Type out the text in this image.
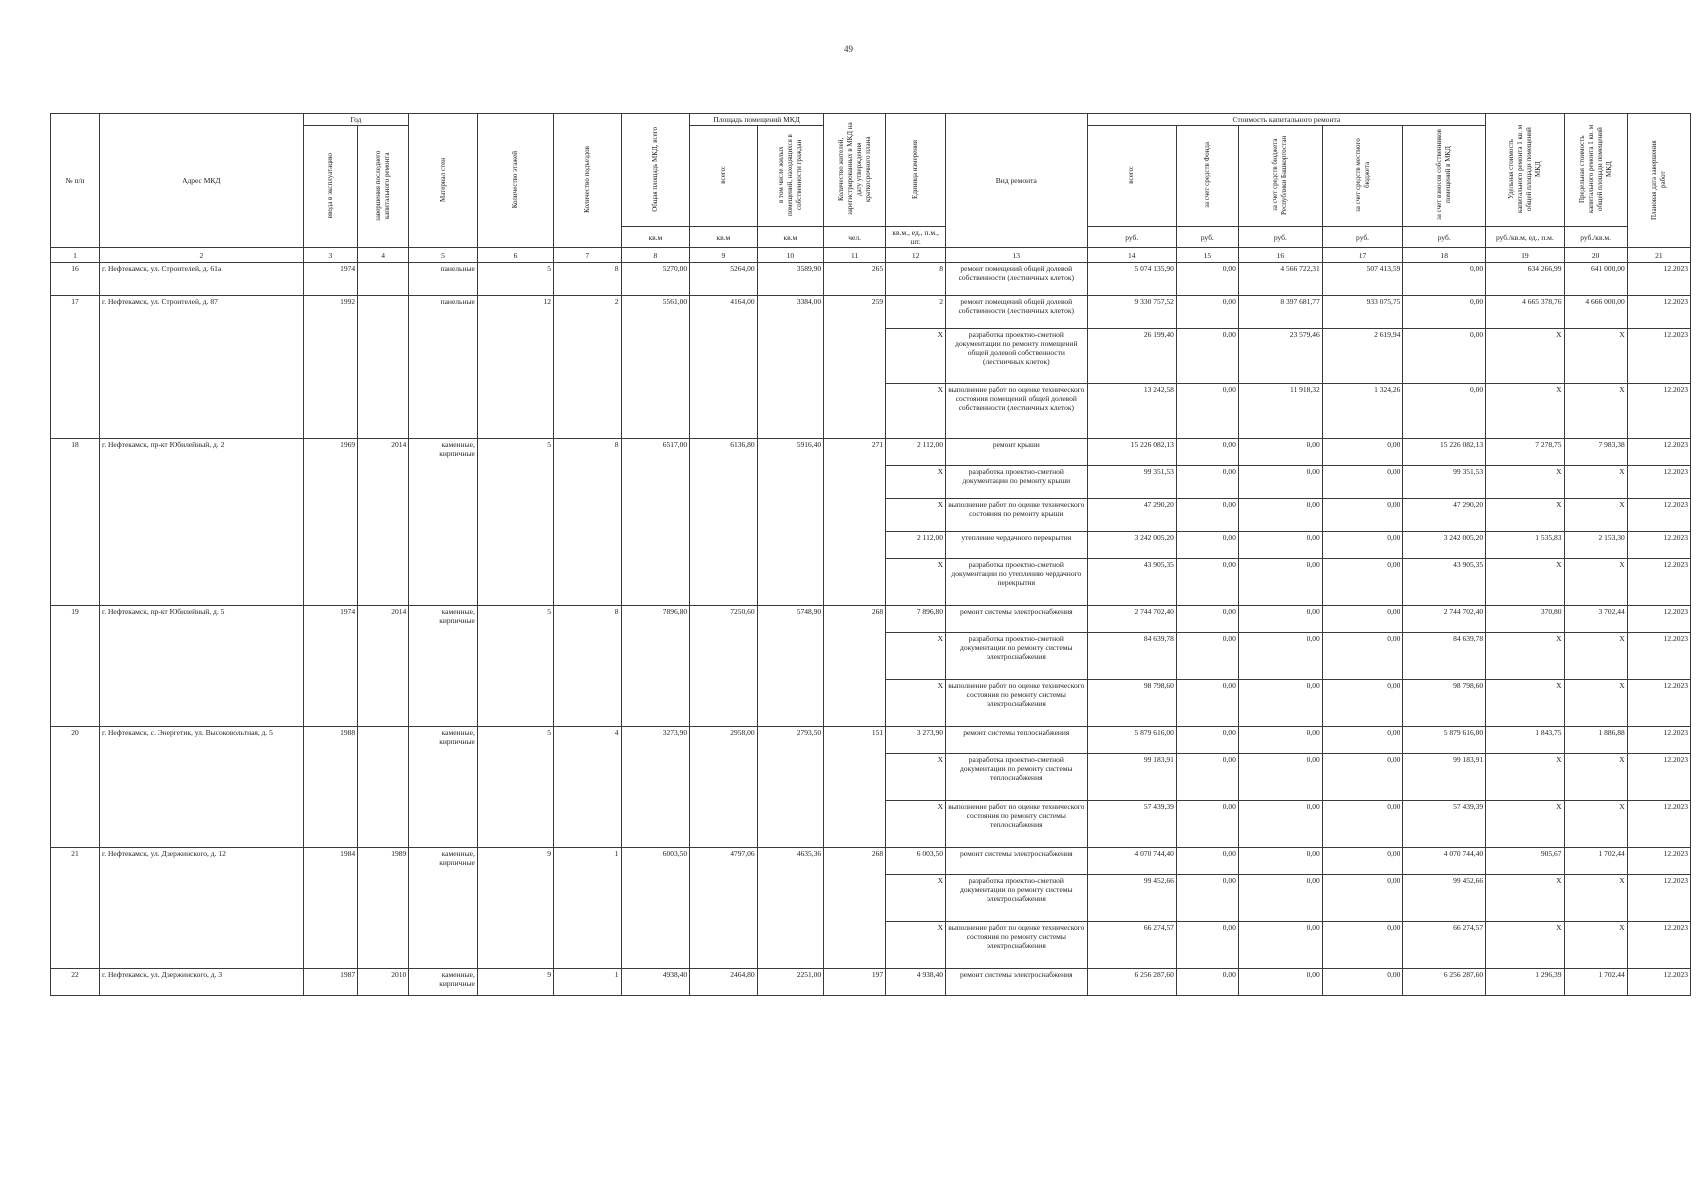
49
№ п/п	Адрес МКД	Год		Материал стен	Количество этажей	Количество подъездов	Общая площадь МКД, всего	Площадь помещений МКД		Количество жителей, зарегистрированных в МКД на дату утверждения краткосрочного плана	Единица измерения	Вид ремонта	Стоимость капитального ремонта					Удельная стоимость капитального ремонта 1 кв. м общей площади помещений МКД	Предельная стоимость капитального ремонта 1 кв. м общей площади помещений МКД	Плановая дата завершения работ
		ввода в эксплуатацию	завершения последнего капитального ремонта					всего:	в том числе жилых помещений, находящихся в собственности граждан				всего:	за счет средств Фонда	за счет средств бюджета Республики Башкортостан	за счет средств местного бюджета	за счет взносов собственников помещений в МКД			
							кв.м	кв.м	кв.м	чел.	кв.м., ед., п.м., шт.		руб.	руб.	руб.	руб.	руб.	руб./кв.м, ед., п.м.	руб./кв.м.	
1	2	3	4	5	6	7	8	9	10	11	12	13	14	15	16	17	18	19	20	21
16	г. Нефтекамск, ул. Строителей, д. 61а	1974		панельные	5	8	5270,00	5264,00	3589,90	265	8	ремонт помещений общей долевой собственности (лестничных клеток)	5 074 135,90	0,00	4 566 722,31	507 413,59	0,00	634 266,99	641 000,00	12.2023
17	г. Нефтекамск, ул. Строителей, д. 87	1992		панельные	12	2	5561,00	4164,00	3384,00	259	2	ремонт помещений общей долевой собственности (лестничных клеток)	9 330 757,52	0,00	8 397 681,77	933 075,75	0,00	4 665 378,76	4 666 000,00	12.2023
											X	разработка проектно-сметной документации по ремонту помещений общей долевой собственности (лестничных клеток)	26 199,40	0,00	23 579,46	2 619,94	0,00	X	X	12.2023
											X	выполнение работ по оценке технического состояния помещений общей долевой собственности (лестничных клеток)	13 242,58	0,00	11 918,32	1 324,26	0,00	X	X	12.2023
18	г. Нефтекамск, пр-кт Юбилейный, д. 2	1969	2014	каменные, кирпичные	5	8	6517,00	6136,80	5916,40	271	2 112,00	ремонт крыши	15 226 082,13	0,00	0,00	0,00	15 226 082,13	7 278,75	7 983,38	12.2023
											X	разработка проектно-сметной документации по ремонту крыши	99 351,53	0,00	0,00	0,00	99 351,53	X	X	12.2023
											X	выполнение работ по оценке технического состояния по ремонту крыши	47 290,20	0,00	0,00	0,00	47 290,20	X	X	12.2023
											2 112,00	утепление чердачного перекрытия	3 242 005,20	0,00	0,00	0,00	3 242 005,20	1 535,83	2 153,30	12.2023
											X	разработка проектно-сметной документации по утеплению чердачного перекрытия	43 905,35	0,00	0,00	0,00	43 905,35	X	X	12.2023
19	г. Нефтекамск, пр-кт Юбилейный, д. 5	1974	2014	каменные, кирпичные	5	8	7896,80	7250,60	5748,90	268	7 896,80	ремонт системы электроснабжения	2 744 702,40	0,00	0,00	0,00	2 744 702,40	370,80	3 702,44	12.2023
											X	разработка проектно-сметной документации по ремонту системы электроснабжения	84 639,78	0,00	0,00	0,00	84 639,78	X	X	12.2023
											X	выполнение работ по оценке технического состояния по ремонту системы электроснабжения	98 798,60	0,00	0,00	0,00	98 798,60	X	X	12.2023
20	г. Нефтекамск, с. Энергетик, ул. Высоковольтная, д. 5	1988		каменные, кирпичные	5	4	3273,90	2958,00	2793,50	151	3 273,90	ремонт системы теплоснабжения	5 879 616,00	0,00	0,00	0,00	5 879 616,00	1 843,75	1 886,88	12.2023
											X	разработка проектно-сметной документации по ремонту системы теплоснабжения	99 183,91	0,00	0,00	0,00	99 183,91	X	X	12.2023
											X	выполнение работ по оценке технического состояния по ремонту системы теплоснабжения	57 439,39	0,00	0,00	0,00	57 439,39	X	X	12.2023
21	г. Нефтекамск, ул. Дзержинского, д. 12	1984	1989	каменные, кирпичные	9	1	6003,50	4797,06	4635,36	268	6 003,50	ремонт системы электроснабжения	4 070 744,40	0,00	0,00	0,00	4 070 744,40	905,67	1 702,44	12.2023
											X	разработка проектно-сметной документации по ремонту системы электроснабжения	99 452,66	0,00	0,00	0,00	99 452,66	X	X	12.2023
											X	выполнение работ по оценке технического состояния по ремонту системы электроснабжения	66 274,57	0,00	0,00	0,00	66 274,57	X	X	12.2023
22	г. Нефтекамск, ул. Дзержинского, д. 3	1987	2010	каменные, кирпичные	9	1	4938,40	2464,80	2251,00	197	4 938,40	ремонт системы электроснабжения	6 256 287,60	0,00	0,00	0,00	6 256 287,60	1 296,39	1 702,44	12.2023
